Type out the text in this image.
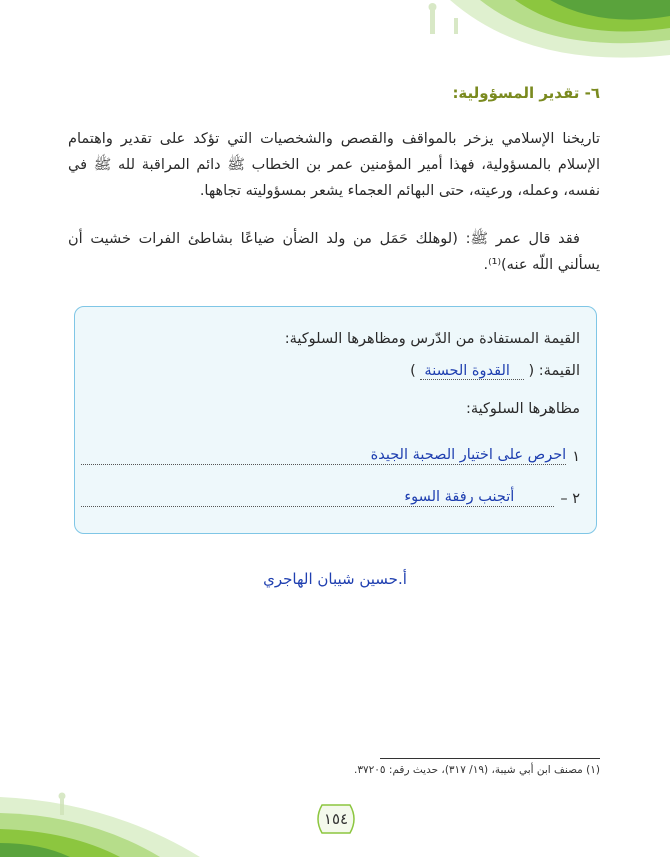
٦- تقدير المسؤولية:
تاريخنا الإسلامي يزخر بالمواقف والقصص والشخصيات التي تؤكد على تقدير واهتمام الإسلام بالمسؤولية، فهذا أمير المؤمنين عمر بن الخطاب ﷺ دائم المراقبة لله ﷺ في نفسه، وعمله، ورعيته، حتى البهائم العجماء يشعر بمسؤوليته تجاهها.
فقد قال عمر ﷺ: (لوهلك حَمَل من ولد الضأن ضياعًا بشاطئ الفرات خشيت أن يسألني اللّه عنه)⁽¹⁾.
القيمة المستفادة من الدّرس ومظاهرها السلوكية:
القيمة: ( القدوة الحسنة )
مظاهرها السلوكية:
١
احرص على اختيار الصحبة الجيدة
٢ –
أتجنب رفقة السوء
أ.حسين شيبان الهاجري
(١) مصنف ابن أبي شيبة، (١٩/ ٣١٧)، حديث رقم: ٣٧٢٠٥.
١٥٤
